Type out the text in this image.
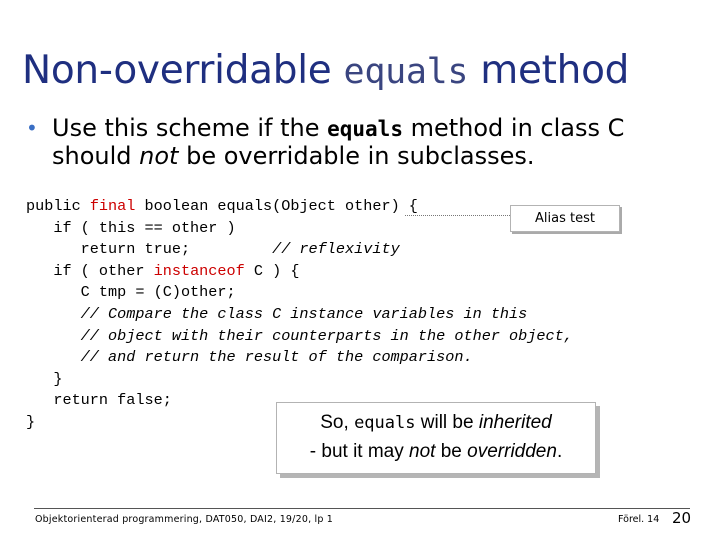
Non-overridable equals method
• Use this scheme if the equals method in class C
should not be overridable in subclasses.
public final boolean equals(Object other) {
if ( this == other )
return true;         // reflexivity
if ( other instanceof C ) {
C tmp = (C)other;
// Compare the class C instance variables in this
// object with their counterparts in the other object,
// and return the result of the comparison.
}
return false;
}
Alias test
So, equals will be inherited
- but it may not be overridden.
Objektorienterad programmering, DAT050, DAI2, 19/20, lp 1	Förel. 14 20
